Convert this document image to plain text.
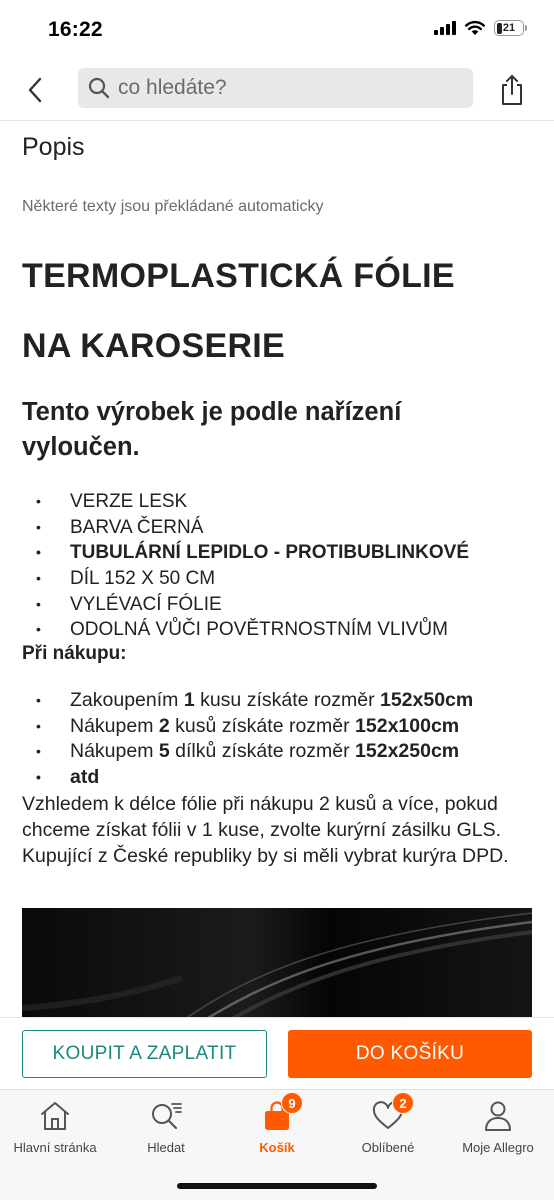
16:22	21
co hledáte?
Popis
Některé texty jsou překládané automaticky
TERMOPLASTICKÁ FÓLIE
NA KAROSERIE
Tento výrobek je podle nařízení vyloučen.
• VERZE LESK
• BARVA ČERNÁ
• TUBULÁRNÍ LEPIDLO - PROTIBUBLINKOVÉ
• DÍL 152 X 50 CM
• VYLÉVACÍ FÓLIE
• ODOLNÁ VŮČI POVĚTRNOSTNÍM VLIVŮM
Při nákupu:
• Zakoupením 1 kusu získáte rozměr 152x50cm
• Nákupem 2 kusů získáte rozměr 152x100cm
• Nákupem 5 dílků získáte rozměr 152x250cm
• atd
Vzhledem k délce fólie při nákupu 2 kusů a více, pokud chceme získat fólii v 1 kuse, zvolte kurýrní zásilku GLS. Kupující z České republiky by si měli vybrat kurýra DPD.
KOUPIT A ZAPLATIT	DO KOŠÍKU
Hlavní stránka	Hledat
9
Košík
2
Oblíbené	Moje Allegro
